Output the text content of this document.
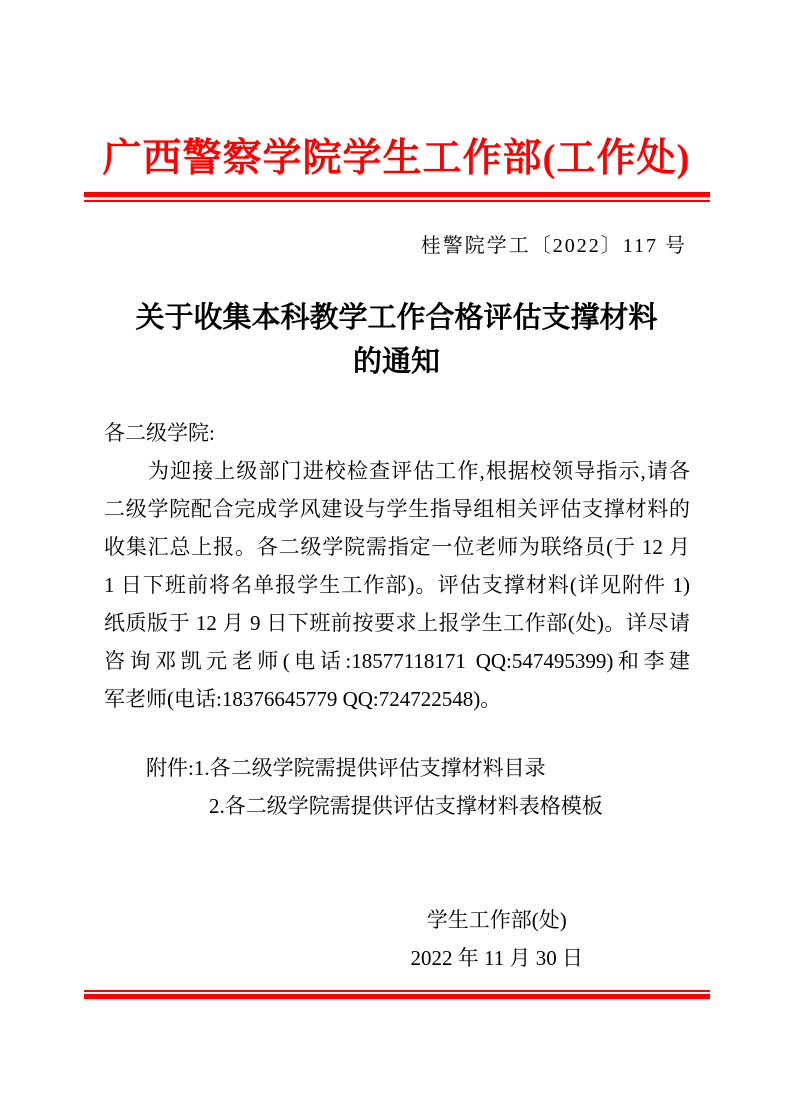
广西警察学院学生工作部(工作处)
桂警院学工〔2022〕117 号
关于收集本科教学工作合格评估支撑材料
的通知
各二级学院:
为迎接上级部门进校检查评估工作,根据校领导指示,请各
二级学院配合完成学风建设与学生指导组相关评估支撑材料的
收集汇总上报。各二级学院需指定一位老师为联络员(于 12 月
1 日下班前将名单报学生工作部)。评估支撑材料(详见附件 1)
纸质版于 12 月 9 日下班前按要求上报学生工作部(处)。详尽请
咨询邓凯元老师(电话:18577118171 QQ:547495399)和李建
军老师(电话:18376645779 QQ:724722548)。
附件:1.各二级学院需提供评估支撑材料目录
2.各二级学院需提供评估支撑材料表格模板
学生工作部(处)
2022 年 11 月 30 日
